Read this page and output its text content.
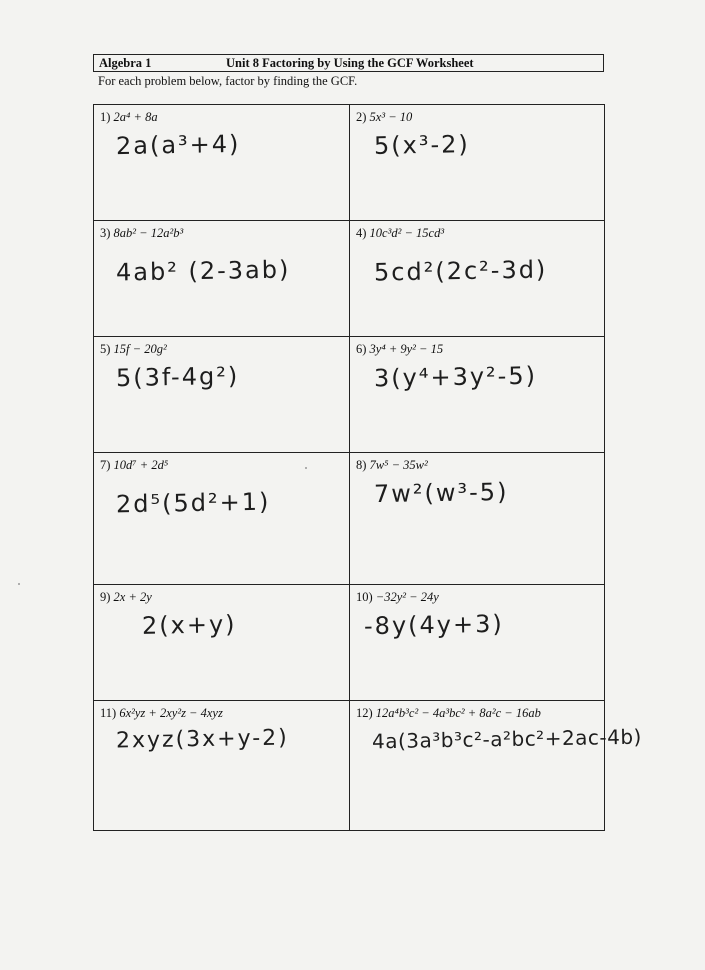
Algebra 1	Unit 8 Factoring by Using the GCF Worksheet
For each problem below, factor by finding the GCF.
1) 2a⁴ + 8a
2a(a³+4)
2) 5x³ − 10
5(x³-2)
3) 8ab² − 12a²b³
4ab² (2-3ab)
4) 10c³d² − 15cd³
5cd²(2c²-3d)
5) 15f − 20g²
5(3f-4g²)
6) 3y⁴ + 9y² − 15
3(y⁴+3y²-5)
7) 10d⁷ + 2d⁵
2d⁵(5d²+1)
8) 7w⁵ − 35w²
7w²(w³-5)
9) 2x + 2y
2(x+y)
10) −32y² − 24y
-8y(4y+3)
11) 6x²yz + 2xy²z − 4xyz
2xyz(3x+y-2)
12) 12a⁴b³c² − 4a³bc² + 8a²c − 16ab
4a(3a³b³c²-a²bc²+2ac-4b)
